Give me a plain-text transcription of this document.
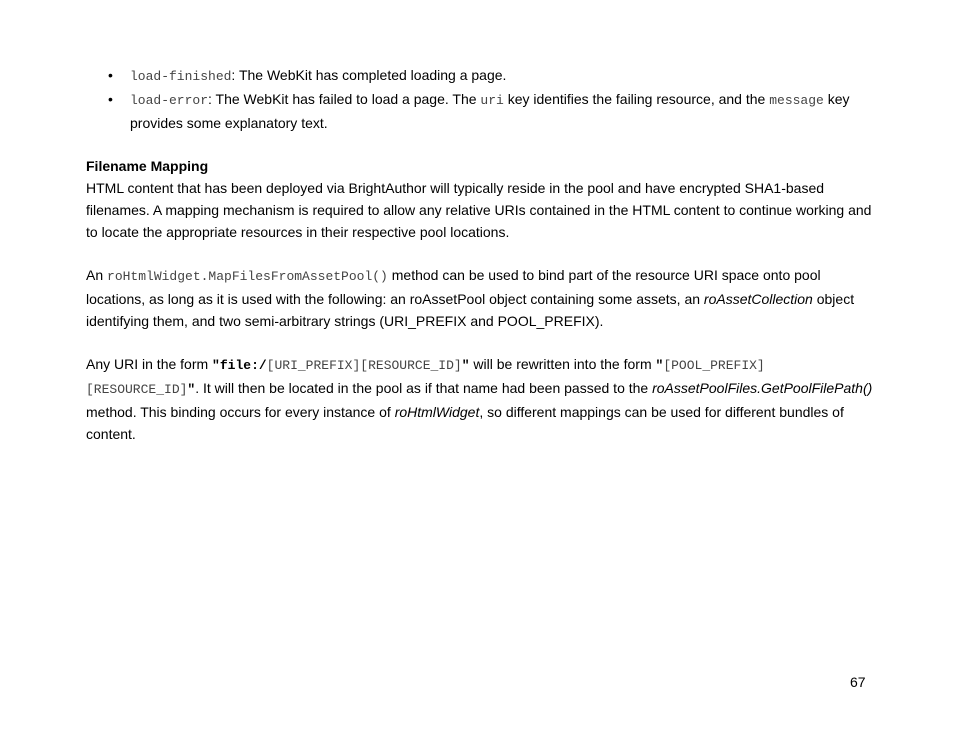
• load-finished: The WebKit has completed loading a page.
• load-error: The WebKit has failed to load a page. The uri key identifies the failing resource, and the message key provides some explanatory text.
Filename Mapping

HTML content that has been deployed via BrightAuthor will typically reside in the pool and have encrypted SHA1-based filenames. A mapping mechanism is required to allow any relative URIs contained in the HTML content to continue working and to locate the appropriate resources in their respective pool locations.

An roHtmlWidget.MapFilesFromAssetPool() method can be used to bind part of the resource URI space onto pool locations, as long as it is used with the following: an roAssetPool object containing some assets, an roAssetCollection object identifying them, and two semi-arbitrary strings (URI_PREFIX and POOL_PREFIX).

Any URI in the form "file:/[URI_PREFIX][RESOURCE_ID]" will be rewritten into the form "[POOL_PREFIX][RESOURCE_ID]". It will then be located in the pool as if that name had been passed to the roAssetPoolFiles.GetPoolFilePath() method. This binding occurs for every instance of roHtmlWidget, so different mappings can be used for different bundles of content.

67
